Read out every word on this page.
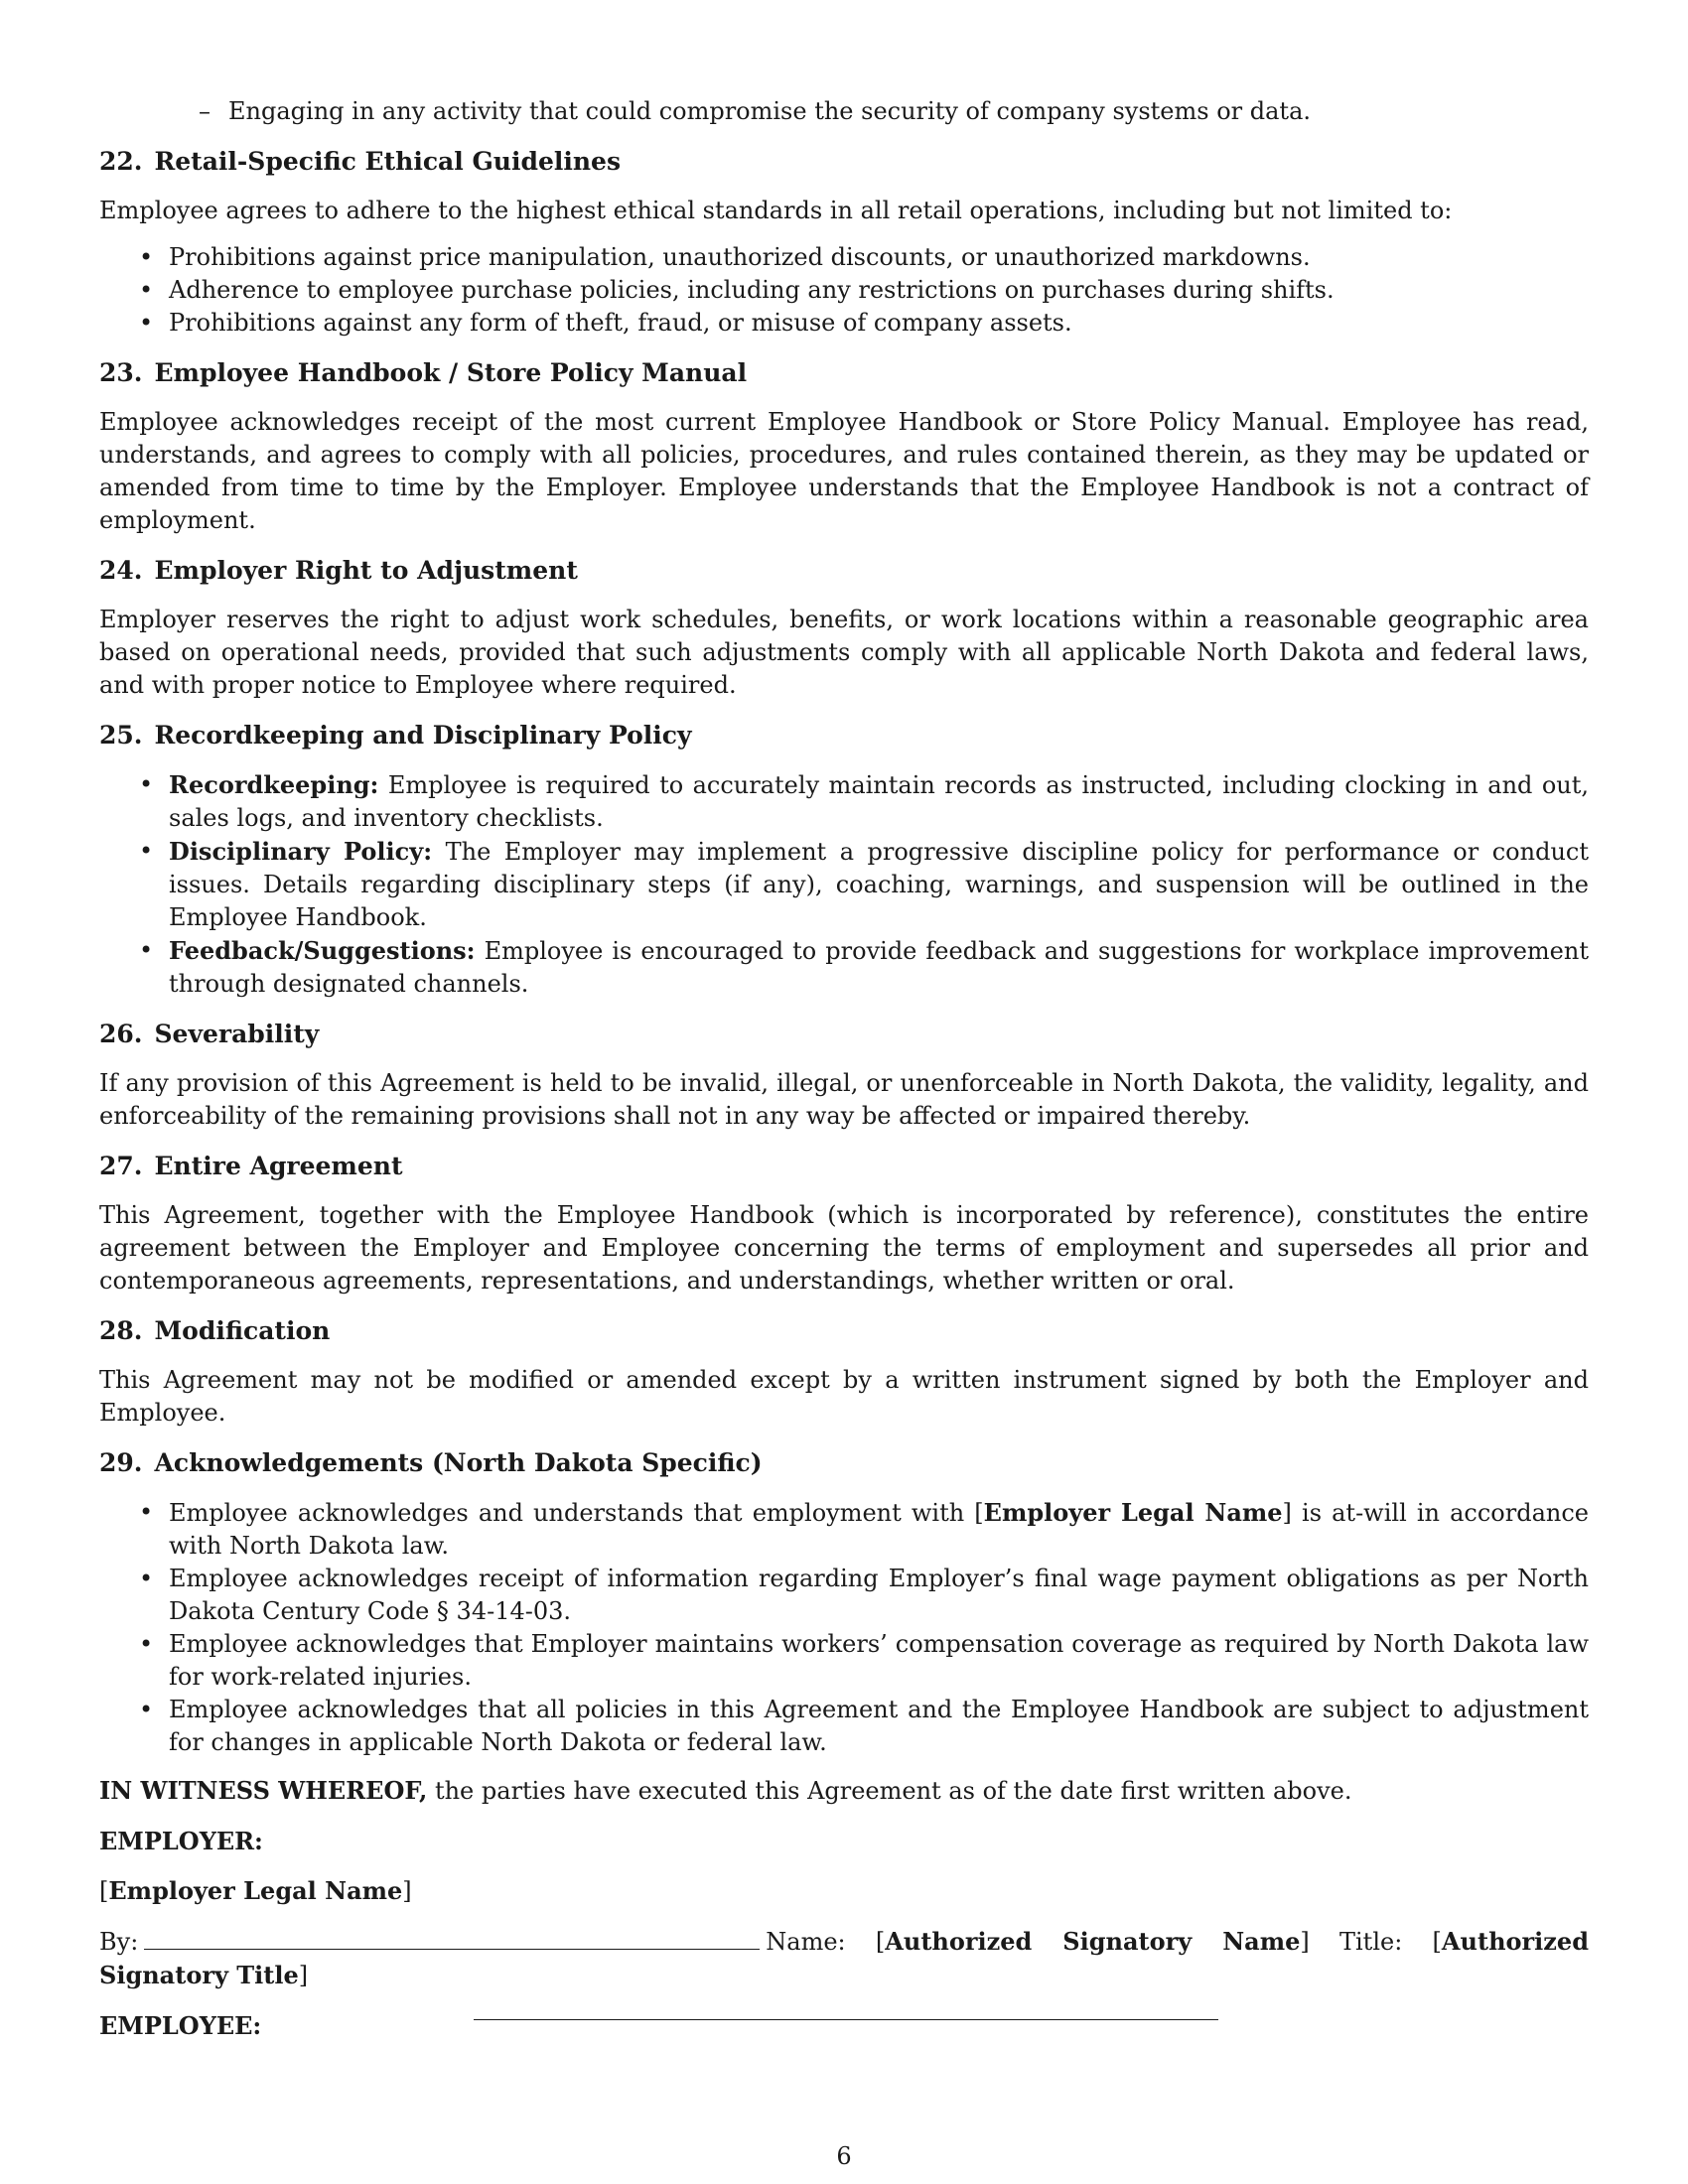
– Engaging in any activity that could compromise the security of company systems or data.
22. Retail-Specific Ethical Guidelines

Employee agrees to adhere to the highest ethical standards in all retail operations, including but not limited to:

• Prohibitions against price manipulation, unauthorized discounts, or unauthorized markdowns.
• Adherence to employee purchase policies, including any restrictions on purchases during shifts.
• Prohibitions against any form of theft, fraud, or misuse of company assets.
23. Employee Handbook / Store Policy Manual

Employee acknowledges receipt of the most current Employee Handbook or Store Policy Manual. Employee has read, understands, and agrees to comply with all policies, procedures, and rules contained therein, as they may be updated or amended from time to time by the Employer. Employee understands that the Employee Handbook is not a contract of employment.

24. Employer Right to Adjustment

Employer reserves the right to adjust work schedules, benefits, or work locations within a reasonable geographic area based on operational needs, provided that such adjustments comply with all applicable North Dakota and federal laws, and with proper notice to Employee where required.

25. Recordkeeping and Disciplinary Policy
• Recordkeeping: Employee is required to accurately maintain records as instructed, including clocking in and out, sales logs, and inventory checklists.
• Disciplinary Policy: The Employer may implement a progressive discipline policy for performance or conduct issues. Details regarding disciplinary steps (if any), coaching, warnings, and suspension will be outlined in the Employee Handbook.
• Feedback/Suggestions: Employee is encouraged to provide feedback and suggestions for workplace improvement through designated channels.
26. Severability

If any provision of this Agreement is held to be invalid, illegal, or unenforceable in North Dakota, the validity, legality, and enforceability of the remaining provisions shall not in any way be affected or impaired thereby.

27. Entire Agreement

This Agreement, together with the Employee Handbook (which is incorporated by reference), constitutes the entire agreement between the Employer and Employee concerning the terms of employment and supersedes all prior and contemporaneous agreements, representations, and understandings, whether written or oral.

28. Modification

This Agreement may not be modified or amended except by a written instrument signed by both the Employer and Employee.

29. Acknowledgements (North Dakota Specific)
• Employee acknowledges and understands that employment with [Employer Legal Name] is at-will in accordance with North Dakota law.
• Employee acknowledges receipt of information regarding Employer’s final wage payment obligations as per North Dakota Century Code § 34-14-03.
• Employee acknowledges that Employer maintains workers’ compensation coverage as required by North Dakota law for work-related injuries.
• Employee acknowledges that all policies in this Agreement and the Employee Handbook are subject to adjustment for changes in applicable North Dakota or federal law.

IN WITNESS WHEREOF, the parties have executed this Agreement as of the date first written above.

EMPLOYER:

[Employer Legal Name]

By:	Name: [Authorized Signatory Name] Title: [Authorized Signatory Title]

EMPLOYEE:

6
